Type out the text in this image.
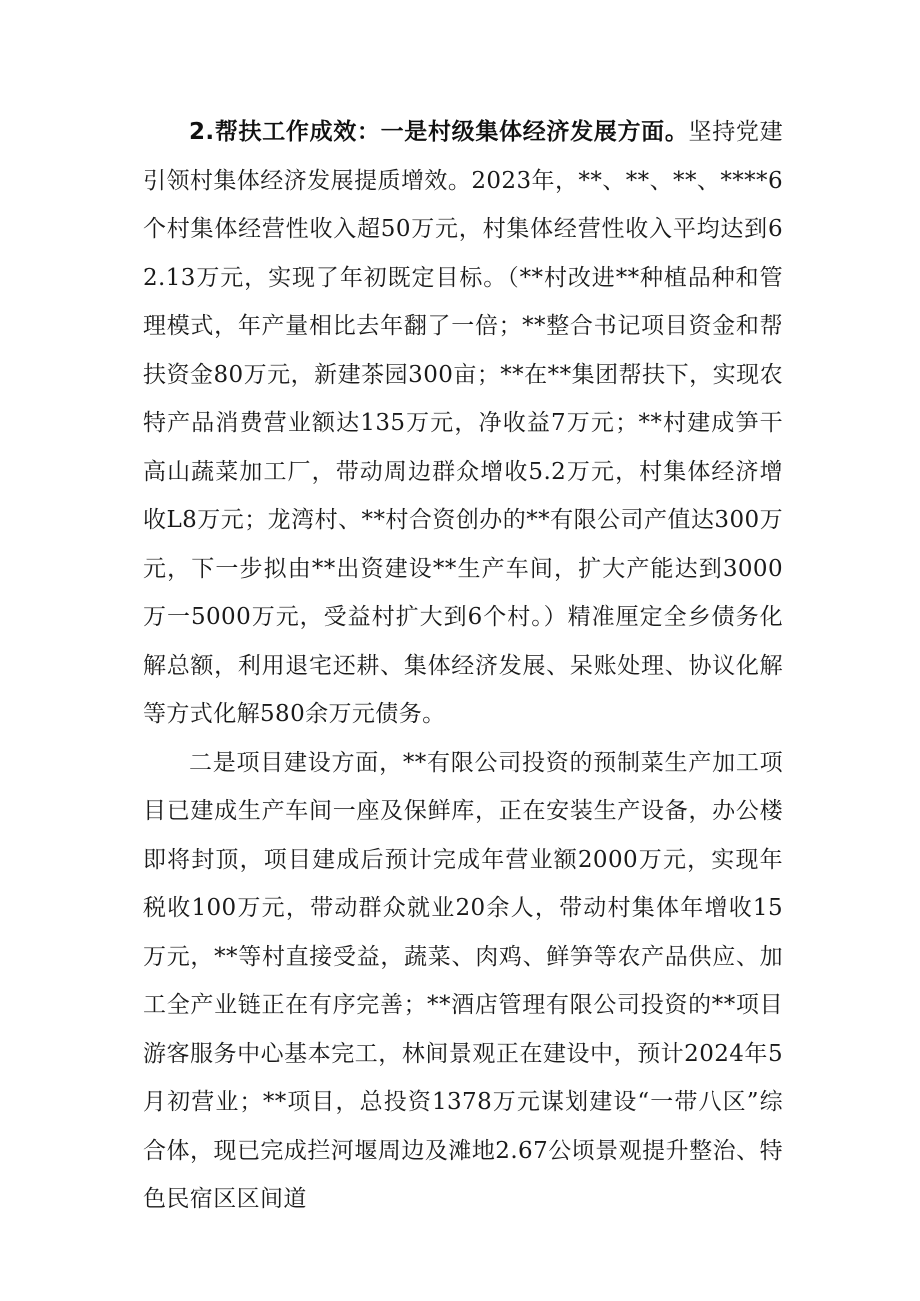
2.帮扶工作成效：一是村级集体经济发展方面。坚持党建引领村集体经济发展提质增效。2023年，**、**、**、****6个村集体经营性收入超50万元，村集体经营性收入平均达到62.13万元，实现了年初既定目标。（**村改进**种植品种和管理模式，年产量相比去年翻了一倍；**整合书记项目资金和帮扶资金80万元，新建茶园300亩；**在**集团帮扶下，实现农特产品消费营业额达135万元，净收益7万元；**村建成笋干高山蔬菜加工厂，带动周边群众增收5.2万元，村集体经济增收L8万元；龙湾村、**村合资创办的**有限公司产值达300万元，下一步拟由**出资建设**生产车间，扩大产能达到3000万一5000万元，受益村扩大到6个村。）精准厘定全乡债务化解总额，利用退宅还耕、集体经济发展、呆账处理、协议化解等方式化解580余万元债务。

二是项目建设方面，**有限公司投资的预制菜生产加工项目已建成生产车间一座及保鲜库，正在安装生产设备，办公楼即将封顶，项目建成后预计完成年营业额2000万元，实现年税收100万元，带动群众就业20余人，带动村集体年增收15万元，**等村直接受益，蔬菜、肉鸡、鲜笋等农产品供应、加工全产业链正在有序完善；**酒店管理有限公司投资的**项目游客服务中心基本完工，林间景观正在建设中，预计2024年5月初营业；**项目，总投资1378万元谋划建设“一带八区”综合体，现已完成拦河堰周边及滩地2.67公顷景观提升整治、特色民宿区区间道
